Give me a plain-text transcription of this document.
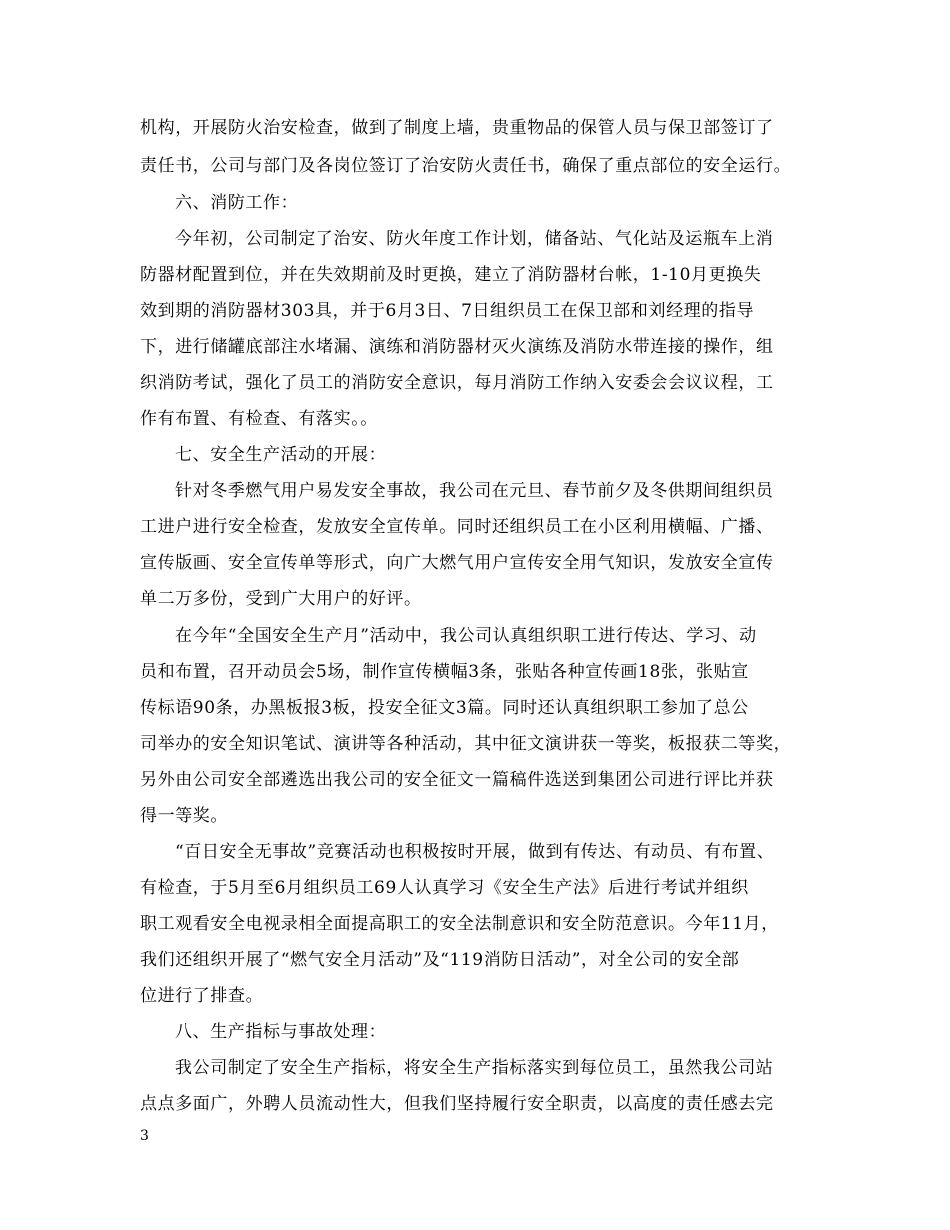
机构，开展防火治安检查，做到了制度上墙，贵重物品的保管人员与保卫部签订了
责任书，公司与部门及各岗位签订了治安防火责任书，确保了重点部位的安全运行。
六、消防工作：
今年初，公司制定了治安、防火年度工作计划，储备站、气化站及运瓶车上消
防器材配置到位，并在失效期前及时更换，建立了消防器材台帐，1-10月更换失
效到期的消防器材303具，并于6月3日、7日组织员工在保卫部和刘经理的指导
下，进行储罐底部注水堵漏、演练和消防器材灭火演练及消防水带连接的操作，组
织消防考试，强化了员工的消防安全意识，每月消防工作纳入安委会会议议程，工
作有布置、有检查、有落实。。
七、安全生产活动的开展：
针对冬季燃气用户易发安全事故，我公司在元旦、春节前夕及冬供期间组织员
工进户进行安全检查，发放安全宣传单。同时还组织员工在小区利用横幅、广播、
宣传版画、安全宣传单等形式，向广大燃气用户宣传安全用气知识，发放安全宣传
单二万多份，受到广大用户的好评。
在今年“全国安全生产月”活动中，我公司认真组织职工进行传达、学习、动
员和布置，召开动员会5场，制作宣传横幅3条，张贴各种宣传画18张，张贴宣
传标语90条，办黑板报3板，投安全征文3篇。同时还认真组织职工参加了总公
司举办的安全知识笔试、演讲等各种活动，其中征文演讲获一等奖，板报获二等奖，
另外由公司安全部遴选出我公司的安全征文一篇稿件选送到集团公司进行评比并获
得一等奖。
“百日安全无事故”竞赛活动也积极按时开展，做到有传达、有动员、有布置、
有检查，于5月至6月组织员工69人认真学习《安全生产法》后进行考试并组织
职工观看安全电视录相全面提高职工的安全法制意识和安全防范意识。今年11月，
我们还组织开展了“燃气安全月活动”及“119消防日活动”，对全公司的安全部
位进行了排查。
八、生产指标与事故处理：
我公司制定了安全生产指标，将安全生产指标落实到每位员工，虽然我公司站
点点多面广，外聘人员流动性大，但我们坚持履行安全职责，以高度的责任感去完
3
